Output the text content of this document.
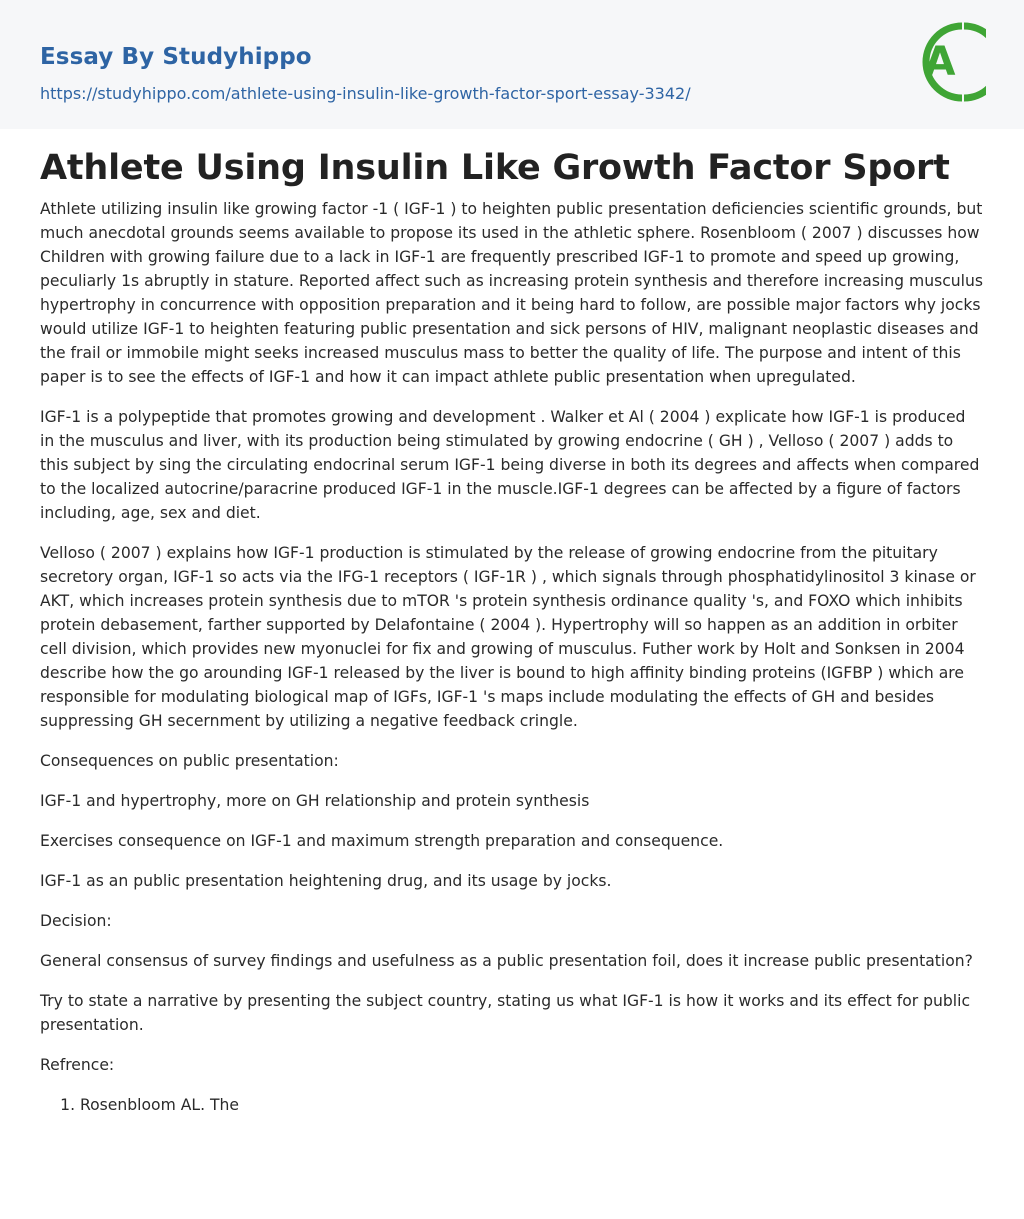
Essay By Studyhippo
https://studyhippo.com/athlete-using-insulin-like-growth-factor-sport-essay-3342/
A
Athlete Using Insulin Like Growth Factor Sport

Athlete utilizing insulin like growing factor -1 ( IGF-1 ) to heighten public presentation deficiencies scientific grounds, but much anecdotal grounds seems available to propose its used in the athletic sphere. Rosenbloom ( 2007 ) discusses how Children with growing failure due to a lack in IGF-1 are frequently prescribed IGF-1 to promote and speed up growing, peculiarly 1s abruptly in stature. Reported affect such as increasing protein synthesis and therefore increasing musculus hypertrophy in concurrence with opposition preparation and it being hard to follow, are possible major factors why jocks would utilize IGF-1 to heighten featuring public presentation and sick persons of HIV, malignant neoplastic diseases and the frail or immobile might seeks increased musculus mass to better the quality of life. The purpose and intent of this paper is to see the effects of IGF-1 and how it can impact athlete public presentation when upregulated.

IGF-1 is a polypeptide that promotes growing and development . Walker et Al ( 2004 ) explicate how IGF-1 is produced in the musculus and liver, with its production being stimulated by growing endocrine ( GH ) , Velloso ( 2007 ) adds to this subject by sing the circulating endocrinal serum IGF-1 being diverse in both its degrees and affects when compared to the localized autocrine/paracrine produced IGF-1 in the muscle.IGF-1 degrees can be affected by a figure of factors including, age, sex and diet.

Velloso ( 2007 ) explains how IGF-1 production is stimulated by the release of growing endocrine from the pituitary secretory organ, IGF-1 so acts via the IFG-1 receptors ( IGF-1R ) , which signals through phosphatidylinositol 3 kinase or AKT, which increases protein synthesis due to mTOR 's protein synthesis ordinance quality 's, and FOXO which inhibits protein debasement, farther supported by Delafontaine ( 2004 ). Hypertrophy will so happen as an addition in orbiter cell division, which provides new myonuclei for fix and growing of musculus. Futher work by Holt and Sonksen in 2004 describe how the go arounding IGF-1 released by the liver is bound to high affinity binding proteins (IGFBP ) which are responsible for modulating biological map of IGFs, IGF-1 's maps include modulating the effects of GH and besides suppressing GH secernment by utilizing a negative feedback cringle.

Consequences on public presentation:

IGF-1 and hypertrophy, more on GH relationship and protein synthesis

Exercises consequence on IGF-1 and maximum strength preparation and consequence.

IGF-1 as an public presentation heightening drug, and its usage by jocks.

Decision:

General consensus of survey findings and usefulness as a public presentation foil, does it increase public presentation?

Try to state a narrative by presenting the subject country, stating us what IGF-1 is how it works and its effect for public presentation.

Refrence:

1. Rosenbloom AL. The
